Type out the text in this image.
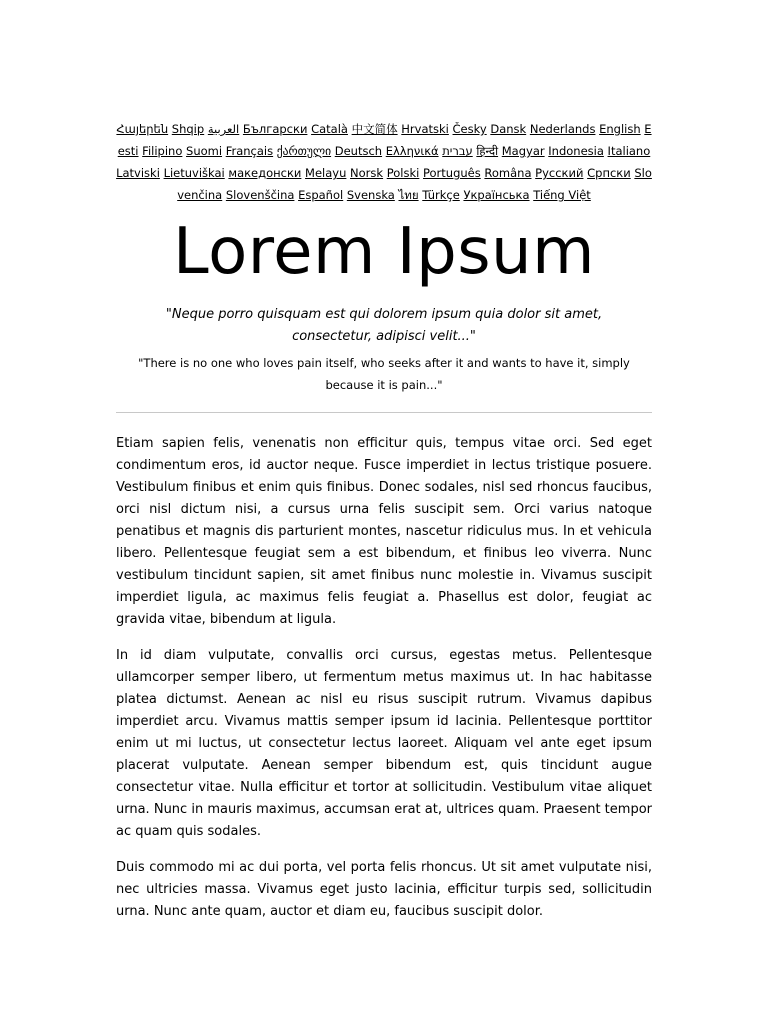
Հայերեն Shqip العربية Български Català 中文简体 Hrvatski Česky Dansk Nederlands English Eesti Filipino Suomi Français ქართული Deutsch Ελληνικά עברית हिन्दी Magyar Indonesia Italiano Latviski Lietuviškai македонски Melayu Norsk Polski Português Româna Pyccкий Српски Slovenčina Slovenščina Español Svenska ไทย Türkçe Українська Tiếng Việt
Lorem Ipsum
"Neque porro quisquam est qui dolorem ipsum quia dolor sit amet, consectetur, adipisci velit..."
"There is no one who loves pain itself, who seeks after it and wants to have it, simply because it is pain..."

Etiam sapien felis, venenatis non efficitur quis, tempus vitae orci. Sed eget condimentum eros, id auctor neque. Fusce imperdiet in lectus tristique posuere. Vestibulum finibus et enim quis finibus. Donec sodales, nisl sed rhoncus faucibus, orci nisl dictum nisi, a cursus urna felis suscipit sem. Orci varius natoque penatibus et magnis dis parturient montes, nascetur ridiculus mus. In et vehicula libero. Pellentesque feugiat sem a est bibendum, et finibus leo viverra. Nunc vestibulum tincidunt sapien, sit amet finibus nunc molestie in. Vivamus suscipit imperdiet ligula, ac maximus felis feugiat a. Phasellus est dolor, feugiat ac gravida vitae, bibendum at ligula.

In id diam vulputate, convallis orci cursus, egestas metus. Pellentesque ullamcorper semper libero, ut fermentum metus maximus ut. In hac habitasse platea dictumst. Aenean ac nisl eu risus suscipit rutrum. Vivamus dapibus imperdiet arcu. Vivamus mattis semper ipsum id lacinia. Pellentesque porttitor enim ut mi luctus, ut consectetur lectus laoreet. Aliquam vel ante eget ipsum placerat vulputate. Aenean semper bibendum est, quis tincidunt augue consectetur vitae. Nulla efficitur et tortor at sollicitudin. Vestibulum vitae aliquet urna. Nunc in mauris maximus, accumsan erat at, ultrices quam. Praesent tempor ac quam quis sodales.

Duis commodo mi ac dui porta, vel porta felis rhoncus. Ut sit amet vulputate nisi, nec ultricies massa. Vivamus eget justo lacinia, efficitur turpis sed, sollicitudin urna. Nunc ante quam, auctor et diam eu, faucibus suscipit dolor.
